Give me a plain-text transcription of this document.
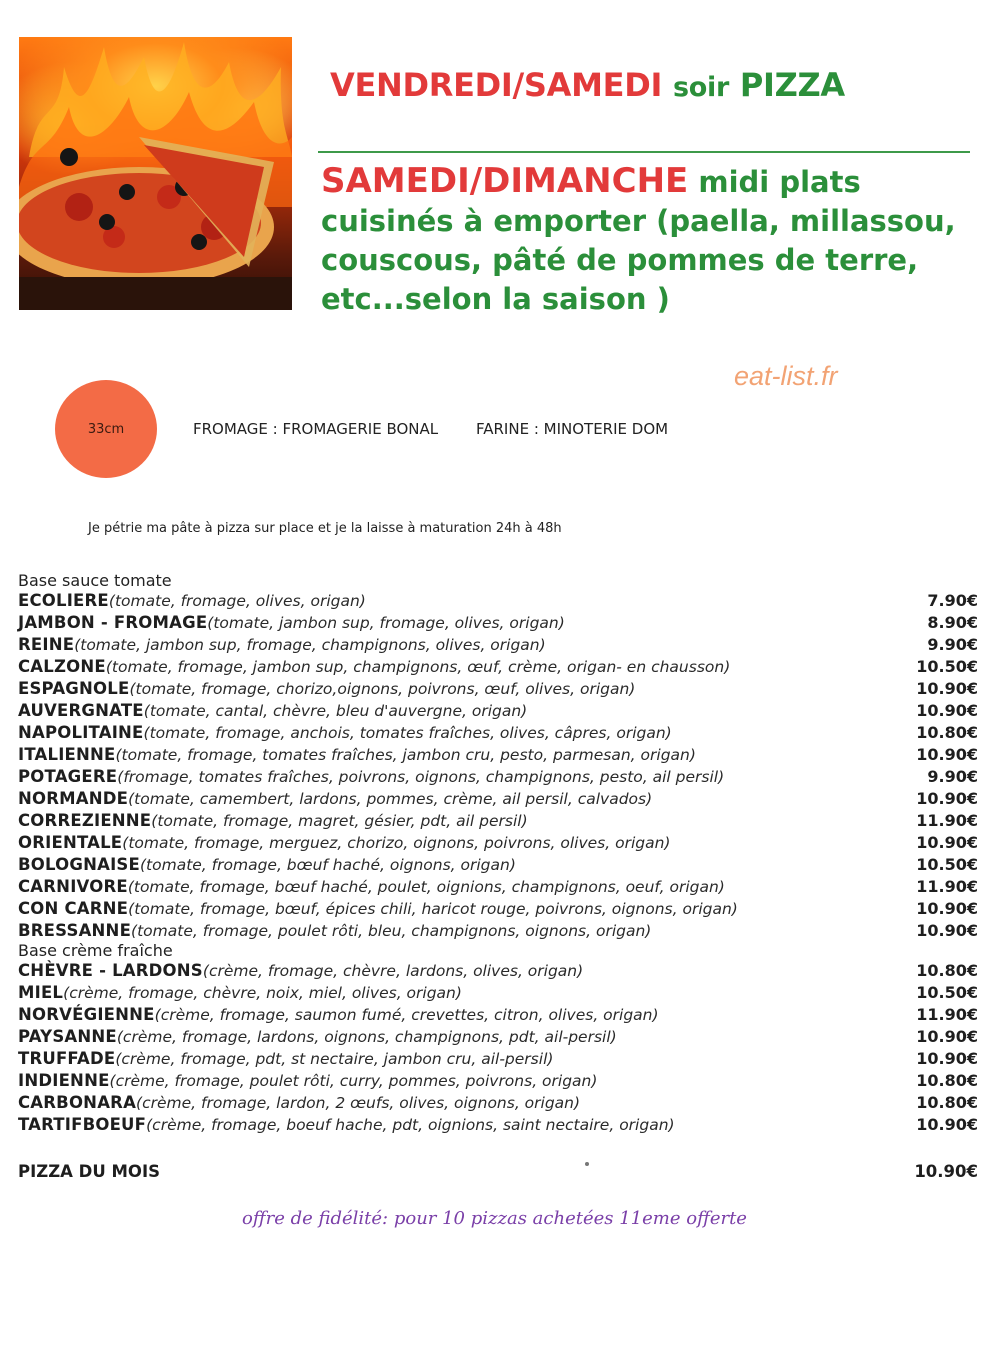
VENDREDI/SAMEDI soir PIZZA
SAMEDI/DIMANCHE midi plats
cuisinés à emporter (paella, millassou,
couscous, pâté de pommes de terre,
etc...selon la saison )
eat-list.fr
33cm	FROMAGE : FROMAGERIE BONAL	FARINE : MINOTERIE DOM
Je pétrie ma pâte à pizza sur place et je la laisse à maturation 24h à 48h
Base sauce tomate
ECOLIERE(tomate, fromage, olives, origan)	7.90€
JAMBON - FROMAGE(tomate, jambon sup, fromage, olives, origan)	8.90€
REINE(tomate, jambon sup, fromage, champignons, olives, origan)	9.90€
CALZONE(tomate, fromage, jambon sup, champignons, œuf, crème, origan- en chausson)	10.50€
ESPAGNOLE(tomate, fromage, chorizo,oignons, poivrons, œuf, olives, origan)	10.90€
AUVERGNATE(tomate, cantal, chèvre, bleu d'auvergne, origan)	10.90€
NAPOLITAINE(tomate, fromage, anchois, tomates fraîches, olives, câpres, origan)	10.80€
ITALIENNE(tomate, fromage, tomates fraîches, jambon cru, pesto, parmesan, origan)	10.90€
POTAGERE(fromage, tomates fraîches, poivrons, oignons, champignons, pesto, ail persil)	9.90€
NORMANDE(tomate, camembert, lardons, pommes, crème, ail persil, calvados)	10.90€
CORREZIENNE(tomate, fromage, magret, gésier, pdt, ail persil)	11.90€
ORIENTALE(tomate, fromage, merguez, chorizo, oignons, poivrons, olives, origan)	10.90€
BOLOGNAISE(tomate, fromage, bœuf haché, oignons, origan)	10.50€
CARNIVORE(tomate, fromage, bœuf haché, poulet, oignions, champignons, oeuf, origan)	11.90€
CON CARNE(tomate, fromage, bœuf, épices chili, haricot rouge, poivrons, oignons, origan)	10.90€
BRESSANNE(tomate, fromage, poulet rôti, bleu, champignons, oignons, origan)	10.90€
Base crème fraîche
CHÈVRE - LARDONS(crème, fromage, chèvre, lardons, olives, origan)	10.80€
MIEL(crème, fromage, chèvre, noix, miel, olives, origan)	10.50€
NORVÉGIENNE(crème, fromage, saumon fumé, crevettes, citron, olives, origan)	11.90€
PAYSANNE(crème, fromage, lardons, oignons, champignons, pdt, ail-persil)	10.90€
TRUFFADE(crème, fromage, pdt, st nectaire, jambon cru, ail-persil)	10.90€
INDIENNE(crème, fromage, poulet rôti, curry, pommes, poivrons, origan)	10.80€
CARBONARA(crème, fromage, lardon, 2 œufs, olives, oignons, origan)	10.80€
TARTIFBOEUF(crème, fromage, boeuf hache, pdt, oignions, saint nectaire, origan)	10.90€
PIZZA DU MOIS	10.90€
offre de fidélité: pour 10 pizzas achetées 11eme offerte
